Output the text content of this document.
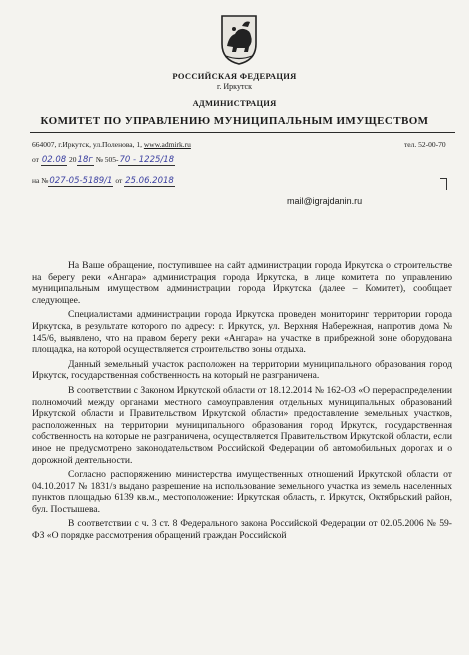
РОССИЙСКАЯ ФЕДЕРАЦИЯ
г. Иркутск
АДМИНИСТРАЦИЯ
КОМИТЕТ ПО УПРАВЛЕНИЮ МУНИЦИПАЛЬНЫМ ИМУЩЕСТВОМ
664007, г.Иркутск, ул.Поленова, 1, www.admirk.ru	тел. 52-00-70
от 02.08 2018г № 505-70 - 1225/18
на №027-05-5189/1 от 25.06.2018
mail@igrajdanin.ru

На Ваше обращение, поступившее на сайт администрации города Иркутска о строительстве на берегу реки «Ангара» администрация города Иркутска, в лице комитета по управлению муниципальным имуществом администрации города Иркутска (далее – Комитет), сообщает следующее.

Специалистами администрации города Иркутска проведен мониторинг территории города Иркутска, в результате которого по адресу: г. Иркутск, ул. Верхняя Набережная, напротив дома № 145/6, выявлено, что на правом берегу реки «Ангара» на участке в прибрежной зоне оборудована площадка, на которой осуществляется строительство зоны отдыха.

Данный земельный участок расположен на территории муниципального образования город Иркутск, государственная собственность на который не разграничена.

В соответствии с Законом Иркутской области от 18.12.2014 № 162-ОЗ «О перераспределении полномочий между органами местного самоуправления отдельных муниципальных образований Иркутской области и Правительством Иркутской области» предоставление земельных участков, расположенных на территории муниципального образования город Иркутск, государственная собственность на которые не разграничена, осуществляется Правительством Иркутской области, если иное не предусмотрено законодательством Российской Федерации об автомобильных дорогах и о дорожной деятельности.

Согласно распоряжению министерства имущественных отношений Иркутской области от 04.10.2017 № 1831/з выдано разрешение на использование земельного участка из земель населенных пунктов площадью 6139 кв.м., местоположение: Иркутская область, г. Иркутск, Октябрьский район, бул. Постышева.

В соответствии с ч. 3 ст. 8 Федерального закона Российской Федерации от 02.05.2006 № 59-ФЗ «О порядке рассмотрения обращений граждан Российской
